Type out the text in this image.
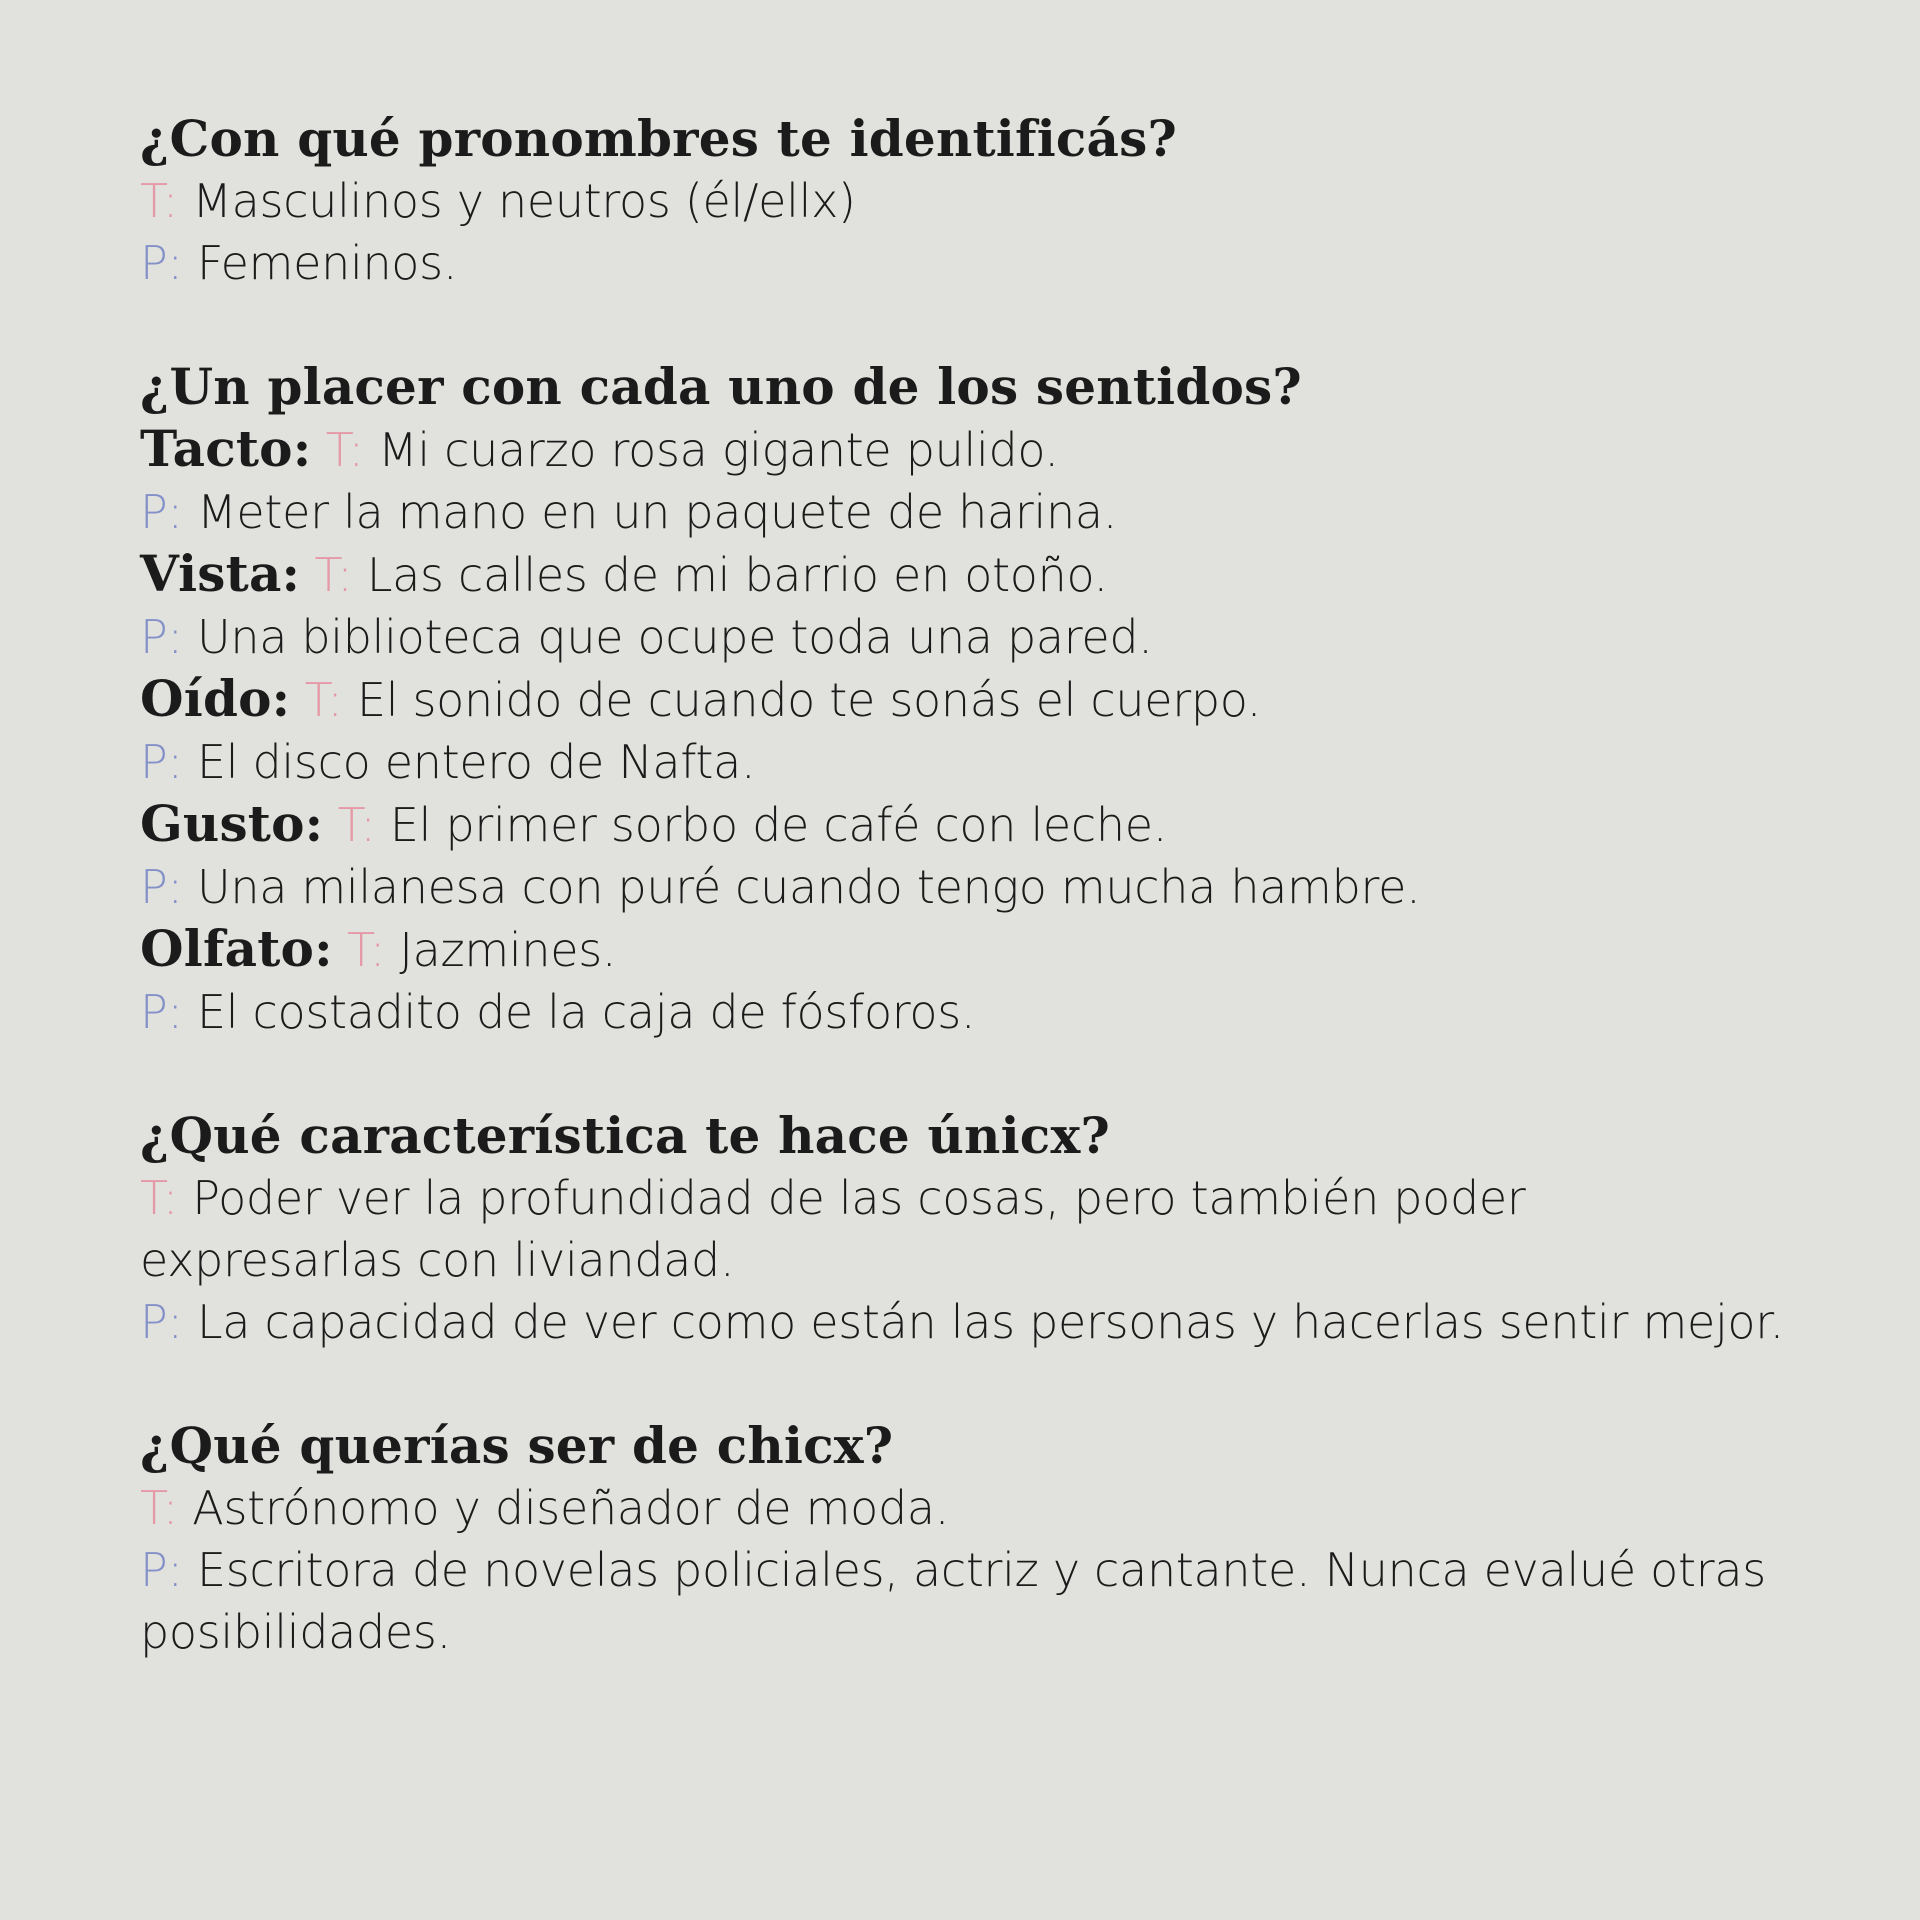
¿Con qué pronombres te identificás?

T: Masculinos y neutros (él/ellx)

P: Femeninos.

¿Un placer con cada uno de los sentidos?

Tacto: T: Mi cuarzo rosa gigante pulido.

P: Meter la mano en un paquete de harina.

Vista: T: Las calles de mi barrio en otoño.

P: Una biblioteca que ocupe toda una pared.

Oído: T: El sonido de cuando te sonás el cuerpo.

P: El disco entero de Nafta.

Gusto: T: El primer sorbo de café con leche.

P: Una milanesa con puré cuando tengo mucha hambre.

Olfato: T: Jazmines.

P: El costadito de la caja de fósforos.

¿Qué característica te hace únicx?

T: Poder ver la profundidad de las cosas, pero también poder expresarlas con liviandad.

P: La capacidad de ver como están las personas y hacerlas sentir mejor.

¿Qué querías ser de chicx?

T: Astrónomo y diseñador de moda.

P: Escritora de novelas policiales, actriz y cantante. Nunca evalué otras posibilidades.
